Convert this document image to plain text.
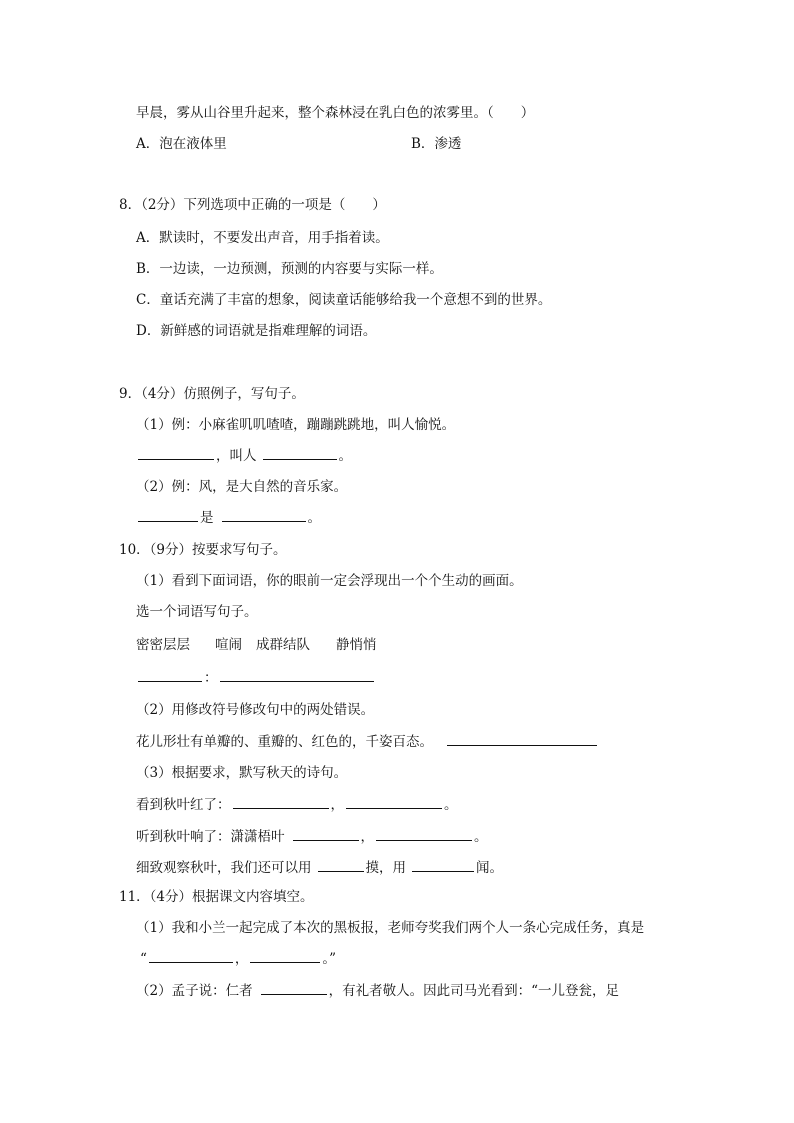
早晨，雾从山谷里升起来，整个森林浸在乳白色的浓雾里。（　　）
A．泡在液体里	B．渗透
8．（2分）下列选项中正确的一项是（　　）
A．默读时，不要发出声音，用手指着读。
B．一边读，一边预测，预测的内容要与实际一样。
C．童话充满了丰富的想象，阅读童话能够给我一个意想不到的世界。
D．新鲜感的词语就是指难理解的词语。
9．（4分）仿照例子，写句子。
（1）例：小麻雀叽叽喳喳，蹦蹦跳跳地，叫人愉悦。
，叫人	。
（2）例：风，是大自然的音乐家。
是	。
10．（9分）按要求写句子。
（1）看到下面词语，你的眼前一定会浮现出一个个生动的画面。
选一个词语写句子。
密密层层 喧闹 成群结队 静悄悄
：
（2）用修改符号修改句中的两处错误。
花儿形壮有单瓣的、重瓣的、红色的，千姿百态。
（3）根据要求，默写秋天的诗句。
看到秋叶红了：	，	。
听到秋叶响了：潇潇梧叶	，	。
细致观察秋叶，我们还可以用	摸，用	闻。
11．（4分）根据课文内容填空。
（1）我和小兰一起完成了本次的黑板报，老师夸奖我们两个人一条心完成任务，真是
“	，	。”
（2）孟子说：仁者	，有礼者敬人。因此司马光看到：“一儿登瓮，足
